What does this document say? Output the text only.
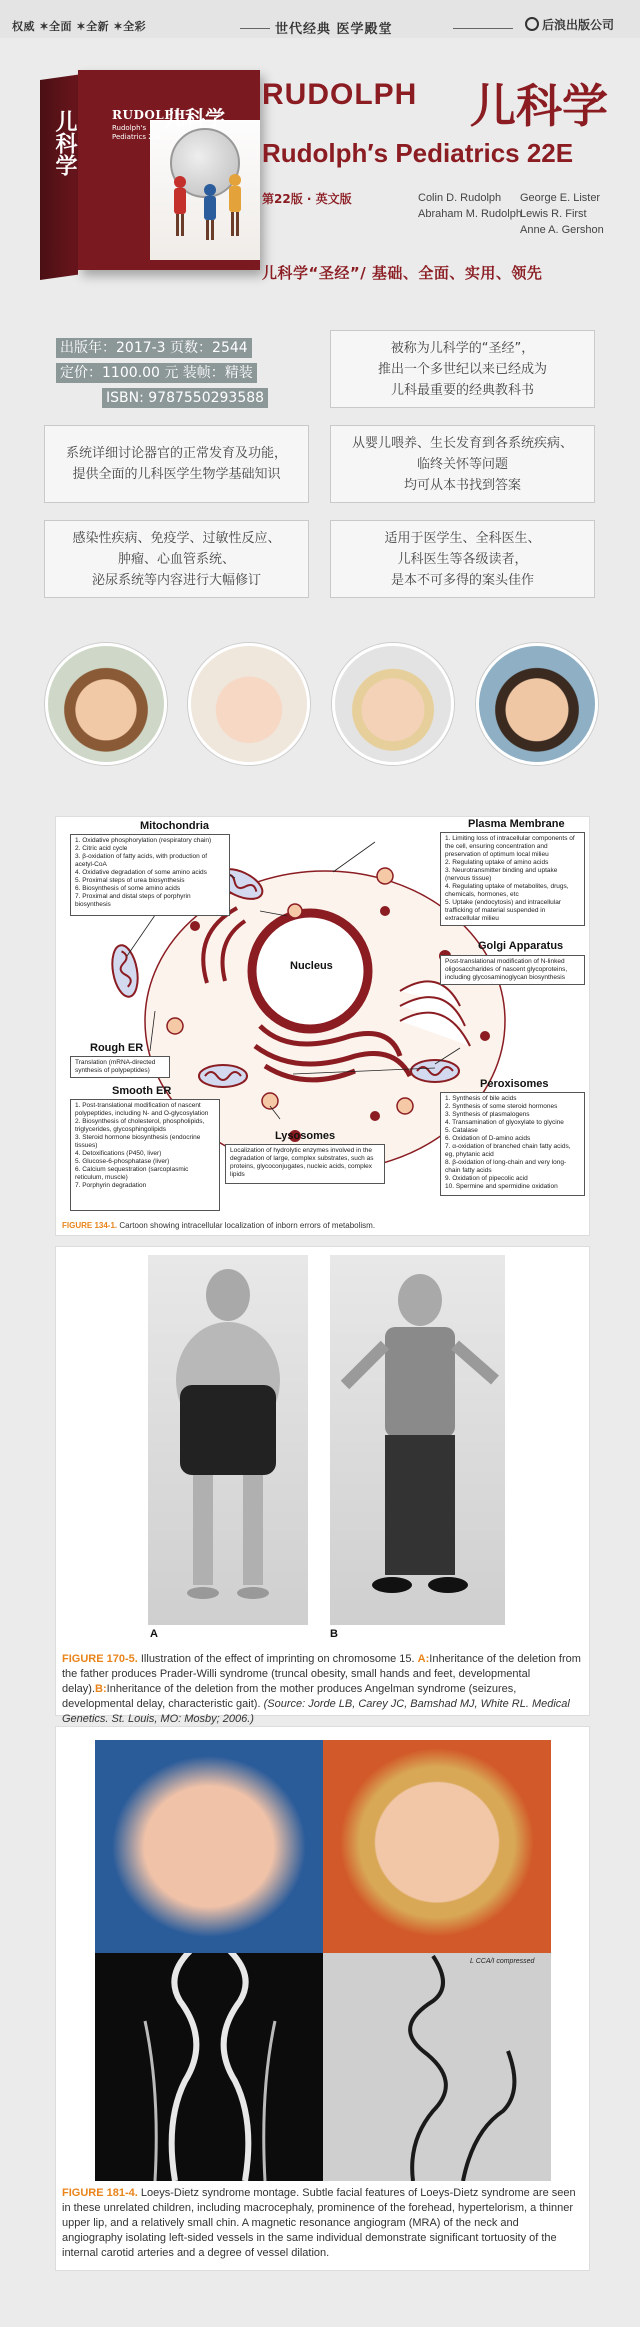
权威 ✶全面 ✶全新 ✶全彩	世代经典 医学殿堂	后浪出版公司
儿科学	RUDOLPH
儿科学
Rudolph's Pediatrics 22E
RUDOLPH 儿科学
Rudolph′s Pediatrics 22E
第22版 · 英文版	Colin D. Rudolph
Abraham M. Rudolph
George E. Lister
Lewis R. First
Anne A. Gershon
儿科学“圣经”/ 基础、全面、实用、领先
出版年：2017-3 页数：2544
定价：1100.00 元 装帧：精装
ISBN: 9787550293588
被称为儿科学的“圣经”，
推出一个多世纪以来已经成为
儿科最重要的经典教科书
系统详细讨论器官的正常发育及功能，
提供全面的儿科医学生物学基础知识
从婴儿喂养、生长发育到各系统疾病、
临终关怀等问题
均可从本书找到答案
感染性疾病、免疫学、过敏性反应、
肿瘤、心血管系统、
泌尿系统等内容进行大幅修订
适用于医学生、全科医生、
儿科医生等各级读者，
是本不可多得的案头佳作
Mitochondria
1. Oxidative phosphorylation (respiratory chain)
2. Citric acid cycle
3. β-oxidation of fatty acids, with production of acetyl-CoA
4. Oxidative degradation of some amino acids
5. Proximal steps of urea biosynthesis
6. Biosynthesis of some amino acids
7. Proximal and distal steps of porphyrin biosynthesis
Plasma Membrane
1. Limiting loss of intracellular components of the cell, ensuring concentration and preservation of optimum local milieu
2. Regulating uptake of amino acids
3. Neurotransmitter binding and uptake (nervous tissue)
4. Regulating uptake of metabolites, drugs, chemicals, hormones, etc
5. Uptake (endocytosis) and intracellular trafficking of material suspended in extracellular milieu
Nucleus
Golgi Apparatus
Post-translational modification of N-linked oligosaccharides of nascent glycoproteins, including glycosaminoglycan biosynthesis
Rough ER
Translation (mRNA-directed synthesis of polypeptides)
Smooth ER
1. Post-translational modification of nascent polypeptides, including N- and O-glycosylation
2. Biosynthesis of cholesterol, phospholipids, triglycerides, glycosphingolipids
3. Steroid hormone biosynthesis (endocrine tissues)
4. Detoxifications (P450, liver)
5. Glucose-6-phosphatase (liver)
6. Calcium sequestration (sarcoplasmic reticulum, muscle)
7. Porphyrin degradation
Lysosomes
Localization of hydrolytic enzymes involved in the degradation of large, complex substrates, such as proteins, glycoconjugates, nucleic acids, complex lipids
Peroxisomes
1. Synthesis of bile acids
2. Synthesis of some steroid hormones
3. Synthesis of plasmalogens
4. Transamination of glyoxylate to glycine
5. Catalase
6. Oxidation of D-amino acids
7. α-oxidation of branched chain fatty acids, eg, phytanic acid
8. β-oxidation of long-chain and very long-chain fatty acids
9. Oxidation of pipecolic acid
10. Spermine and spermidine oxidation
FIGURE 134-1. Cartoon showing intracellular localization of inborn errors of metabolism.
A	B
FIGURE 170-5. Illustration of the effect of imprinting on chromosome 15. A:Inheritance of the deletion from the father produces Prader-Willi syndrome (truncal obesity, small hands and feet, developmental delay).B:Inheritance of the deletion from the mother produces Angelman syndrome (seizures, developmental delay, characteristic gait). (Source: Jorde LB, Carey JC, Bamshad MJ, White RL. Medical Genetics. St. Louis, MO: Mosby; 2006.)
L CCA/I compressed
FIGURE 181-4. Loeys-Dietz syndrome montage. Subtle facial features of Loeys-Dietz syndrome are seen in these unrelated children, including macrocephaly, prominence of the forehead, hypertelorism, a thinner upper lip, and a relatively small chin. A magnetic resonance angiogram (MRA) of the neck and angiography isolating left-sided vessels in the same individual demonstrate significant tortuosity of the internal carotid arteries and a degree of vessel dilation.
